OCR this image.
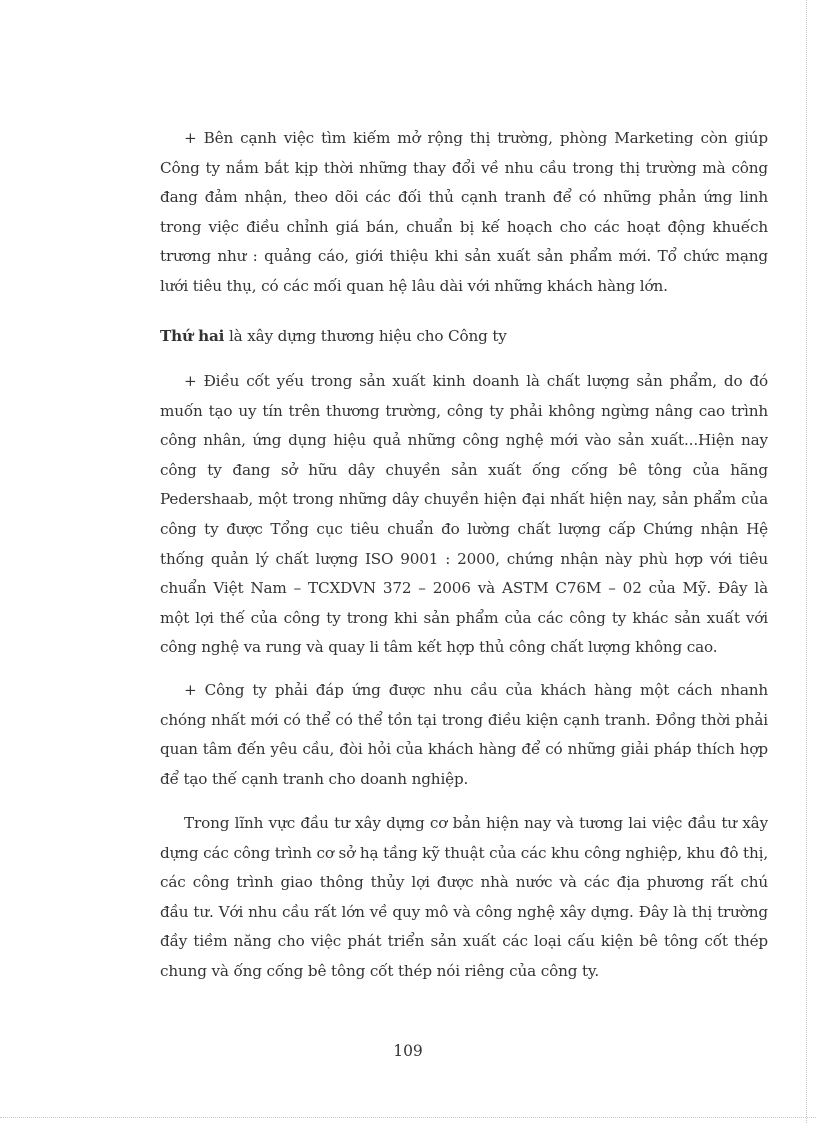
+ Bên cạnh việc tìm kiếm mở rộng thị trường, phòng Marketing còn giúp
Công ty nắm bắt kịp thời những thay đổi về nhu cầu trong thị trường mà công
đang đảm nhận, theo dõi các đối thủ cạnh tranh để có những phản ứng linh
trong việc điều chỉnh giá bán, chuẩn bị kế hoạch cho các hoạt động khuếch
trương như : quảng cáo, giới thiệu khi sản xuất sản phẩm mới. Tổ chức mạng
lưới tiêu thụ, có các mối quan hệ lâu dài với những khách hàng lớn.
Thứ hai là xây dựng thương hiệu cho Công ty
+ Điều cốt yếu trong sản xuất kinh doanh là chất lượng sản phẩm, do đó
muốn tạo uy tín trên thương trường, công ty phải không ngừng nâng cao trình
công nhân, ứng dụng hiệu quả những công nghệ mới vào sản xuất...Hiện nay
công ty đang sở hữu dây chuyền sản xuất ống cống bê tông của hãng
Pedershaab, một trong những dây chuyền hiện đại nhất hiện nay, sản phẩm của
công ty được Tổng cục tiêu chuẩn đo lường chất lượng cấp Chứng nhận Hệ
thống quản lý chất lượng ISO 9001 : 2000, chứng nhận này phù hợp với tiêu
chuẩn Việt Nam – TCXDVN 372 – 2006 và ASTM C76M – 02 của Mỹ. Đây là
một lợi thế của công ty trong khi sản phẩm của các công ty khác sản xuất với
công nghệ va rung và quay li tâm kết hợp thủ công chất lượng không cao.
+ Công ty phải đáp ứng được nhu cầu của khách hàng một cách nhanh
chóng nhất mới có thể có thể tồn tại trong điều kiện cạnh tranh. Đồng thời phải
quan tâm đến yêu cầu, đòi hỏi của khách hàng để có những giải pháp thích hợp
để tạo thế cạnh tranh cho doanh nghiệp.
Trong lĩnh vực đầu tư xây dựng cơ bản hiện nay và tương lai việc đầu tư xây
dựng các công trình cơ sở hạ tầng kỹ thuật của các khu công nghiệp, khu đô thị,
các công trình giao thông thủy lợi được nhà nước và các địa phương rất chú
đầu tư. Với nhu cầu rất lớn về quy mô và công nghệ xây dựng. Đây là thị trường
đầy tiềm năng cho việc phát triển sản xuất các loại cấu kiện bê tông cốt thép
chung và ống cống bê tông cốt thép nói riêng của công ty.
109
